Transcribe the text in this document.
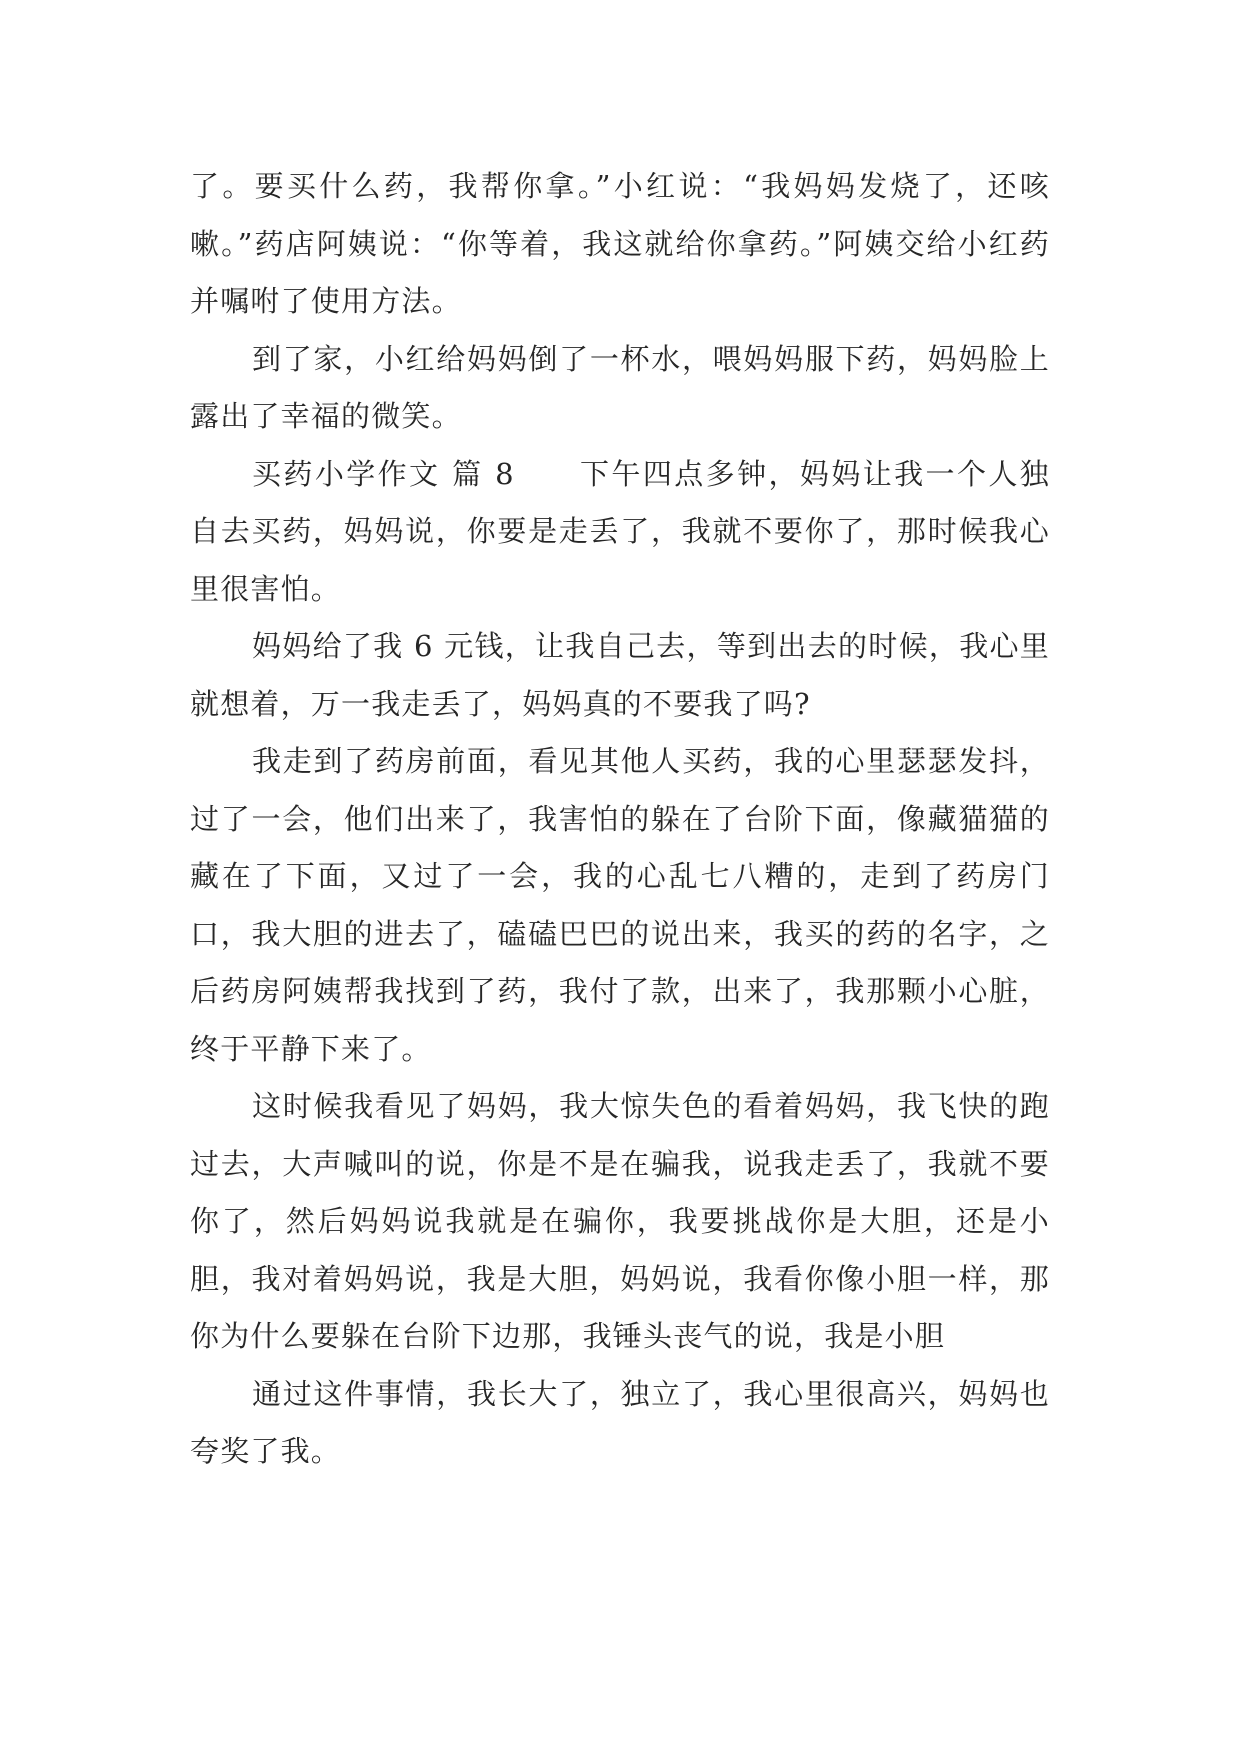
了。要买什么药，我帮你拿。”小红说：“我妈妈发烧了，还咳嗽。”药店阿姨说：“你等着，我这就给你拿药。”阿姨交给小红药并嘱咐了使用方法。

到了家，小红给妈妈倒了一杯水，喂妈妈服下药，妈妈脸上露出了幸福的微笑。

买药小学作文 篇 8 下午四点多钟，妈妈让我一个人独自去买药，妈妈说，你要是走丢了，我就不要你了，那时候我心里很害怕。

妈妈给了我 6 元钱，让我自己去，等到出去的时候，我心里就想着，万一我走丢了，妈妈真的不要我了吗?

我走到了药房前面，看见其他人买药，我的心里瑟瑟发抖，过了一会，他们出来了，我害怕的躲在了台阶下面，像藏猫猫的藏在了下面，又过了一会，我的心乱七八糟的，走到了药房门口，我大胆的进去了，磕磕巴巴的说出来，我买的药的名字，之后药房阿姨帮我找到了药，我付了款，出来了，我那颗小心脏，终于平静下来了。

这时候我看见了妈妈，我大惊失色的看着妈妈，我飞快的跑过去，大声喊叫的说，你是不是在骗我，说我走丢了，我就不要你了，然后妈妈说我就是在骗你，我要挑战你是大胆，还是小胆，我对着妈妈说，我是大胆，妈妈说，我看你像小胆一样，那你为什么要躲在台阶下边那，我锤头丧气的说，我是小胆

通过这件事情，我长大了，独立了，我心里很高兴，妈妈也夸奖了我。
